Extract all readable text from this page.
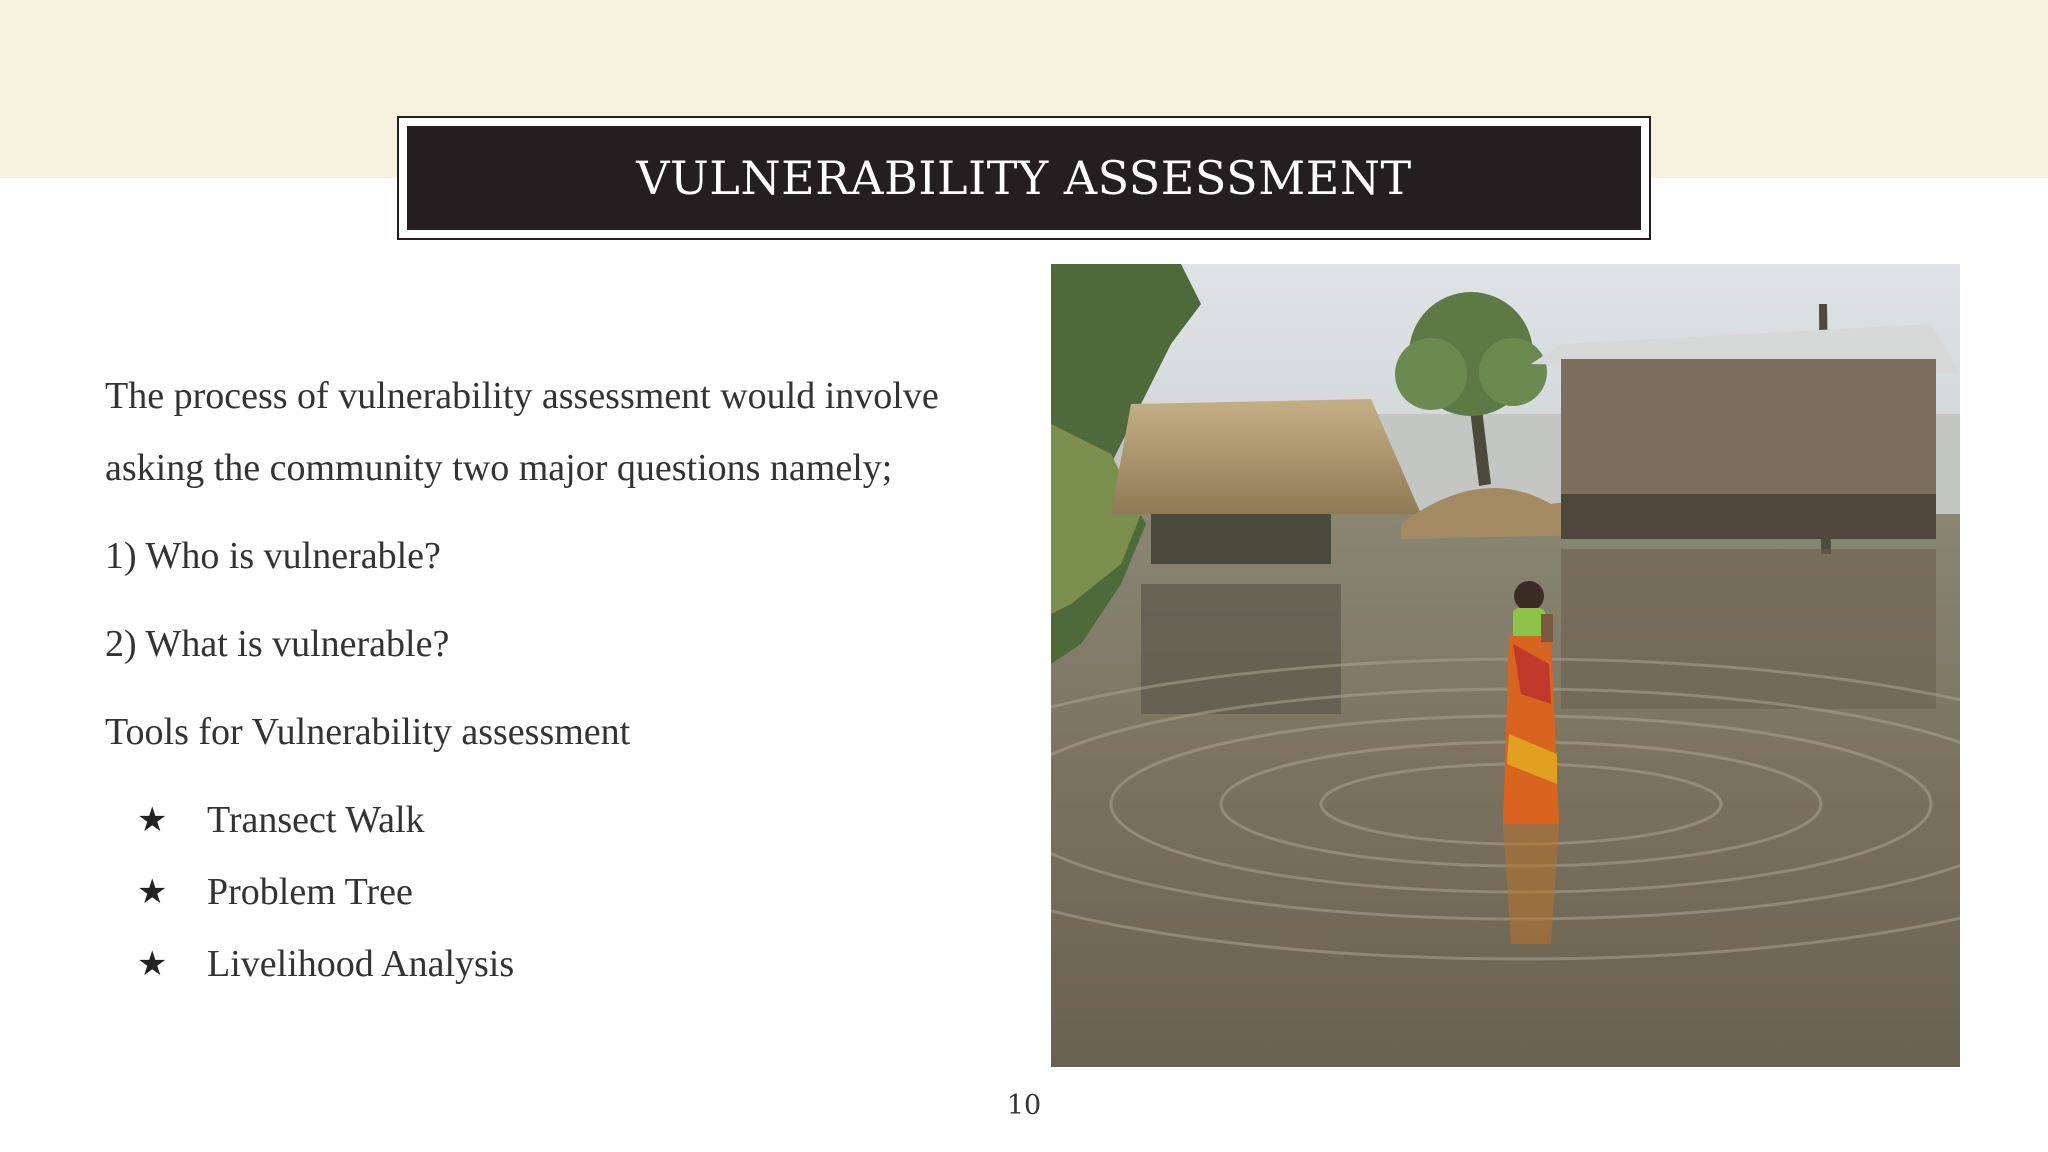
VULNERABILITY ASSESSMENT

The process of vulnerability assessment would involve asking the community two major questions namely;

1) Who is vulnerable?

2) What is vulnerable?

Tools for Vulnerability assessment

★	Transect Walk
★	Problem Tree
★	Livelihood Analysis
10
